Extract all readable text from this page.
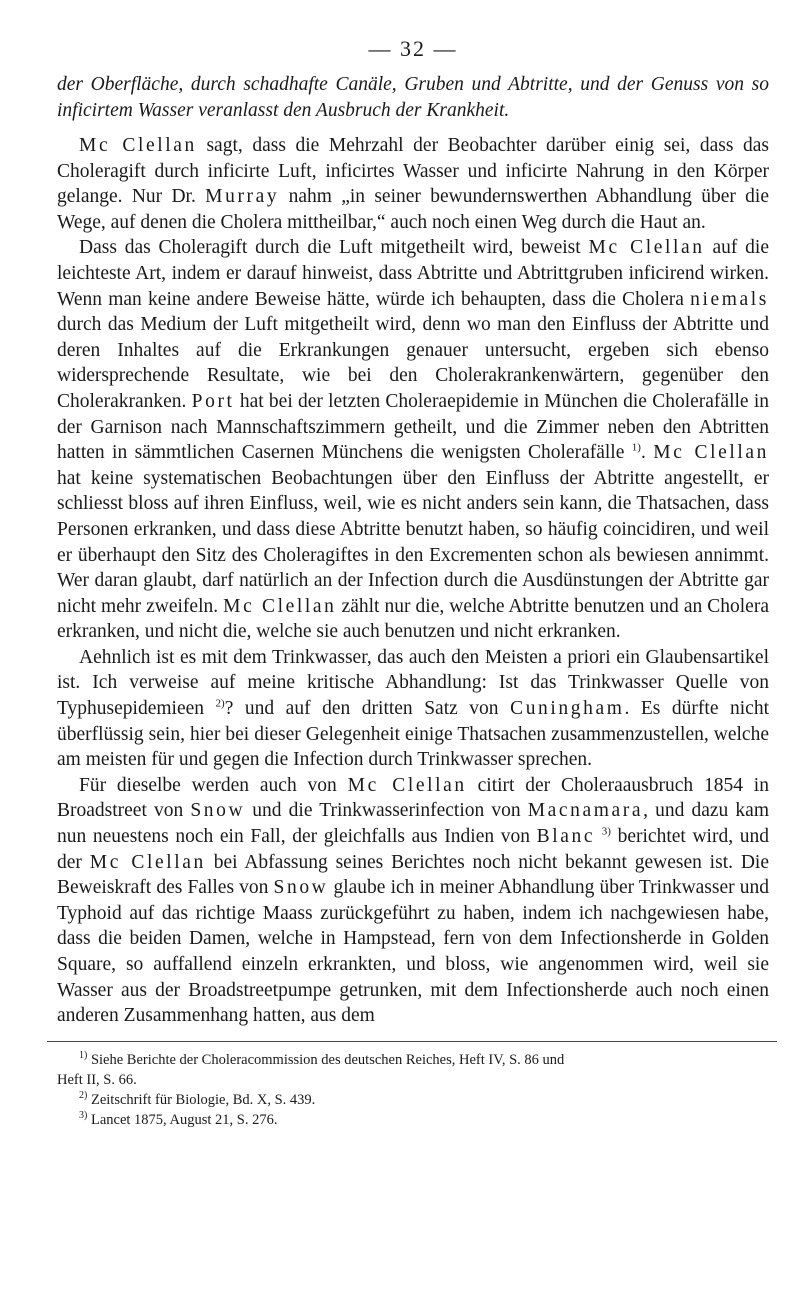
— 32 —

der Oberfläche, durch schadhafte Canäle, Gruben und Abtritte, und der Genuss von so inficirtem Wasser veranlasst den Ausbruch der Krankheit.

Mc Clellan sagt, dass die Mehrzahl der Beobachter darüber einig sei, dass das Choleragift durch inficirte Luft, inficirtes Wasser und inficirte Nahrung in den Körper gelange. Nur Dr. Murray nahm „in seiner bewundernswerthen Abhandlung über die Wege, auf denen die Cholera mittheilbar,“ auch noch einen Weg durch die Haut an.

Dass das Choleragift durch die Luft mitgetheilt wird, beweist Mc Clellan auf die leichteste Art, indem er darauf hinweist, dass Abtritte und Abtrittgruben inficirend wirken. Wenn man keine andere Beweise hätte, würde ich behaupten, dass die Cholera niemals durch das Medium der Luft mitgetheilt wird, denn wo man den Einfluss der Abtritte und deren Inhaltes auf die Erkrankungen genauer untersucht, ergeben sich ebenso widersprechende Resultate, wie bei den Cholerakrankenwärtern, gegenüber den Cholerakranken. Port hat bei der letzten Choleraepidemie in München die Cholerafälle in der Garnison nach Mannschaftszimmern getheilt, und die Zimmer neben den Abtritten hatten in sämmtlichen Casernen Münchens die wenigsten Cholerafälle $^{1)}$. Mc Clellan hat keine systematischen Beobachtungen über den Einfluss der Abtritte angestellt, er schliesst bloss auf ihren Einfluss, weil, wie es nicht anders sein kann, die Thatsachen, dass Personen erkranken, und dass diese Abtritte benutzt haben, so häufig coincidiren, und weil er überhaupt den Sitz des Choleragiftes in den Excrementen schon als bewiesen annimmt. Wer daran glaubt, darf natürlich an der Infection durch die Ausdünstungen der Abtritte gar nicht mehr zweifeln. Mc Clellan zählt nur die, welche Abtritte benutzen und an Cholera erkranken, und nicht die, welche sie auch benutzen und nicht erkranken.

Aehnlich ist es mit dem Trinkwasser, das auch den Meisten a priori ein Glaubensartikel ist. Ich verweise auf meine kritische Abhandlung: Ist das Trinkwasser Quelle von Typhusepidemieen $^{2)}$? und auf den dritten Satz von Cuningham. Es dürfte nicht überflüssig sein, hier bei dieser Gelegenheit einige Thatsachen zusammenzustellen, welche am meisten für und gegen die Infection durch Trinkwasser sprechen.

Für dieselbe werden auch von Mc Clellan citirt der Choleraausbruch 1854 in Broadstreet von Snow und die Trinkwasserinfection von Macnamara, und dazu kam nun neuestens noch ein Fall, der gleichfalls aus Indien von Blanc $^{3)}$ berichtet wird, und der Mc Clellan bei Abfassung seines Berichtes noch nicht bekannt gewesen ist. Die Beweiskraft des Falles von Snow glaube ich in meiner Abhandlung über Trinkwasser und Typhoid auf das richtige Maass zurückgeführt zu haben, indem ich nachgewiesen habe, dass die beiden Damen, welche in Hampstead, fern von dem Infectionsherde in Golden Square, so auffallend einzeln erkrankten, und bloss, wie angenommen wird, weil sie Wasser aus der Broadstreetpumpe getrunken, mit dem Infectionsherde auch noch einen anderen Zusammenhang hatten, aus dem

$^{1)}$ Siehe Berichte der Choleracommission des deutschen Reiches, Heft IV, S. 86 und

Heft II, S. 66.

$^{2)}$ Zeitschrift für Biologie, Bd. X, S. 439.

$^{3)}$ Lancet 1875, August 21, S. 276.
